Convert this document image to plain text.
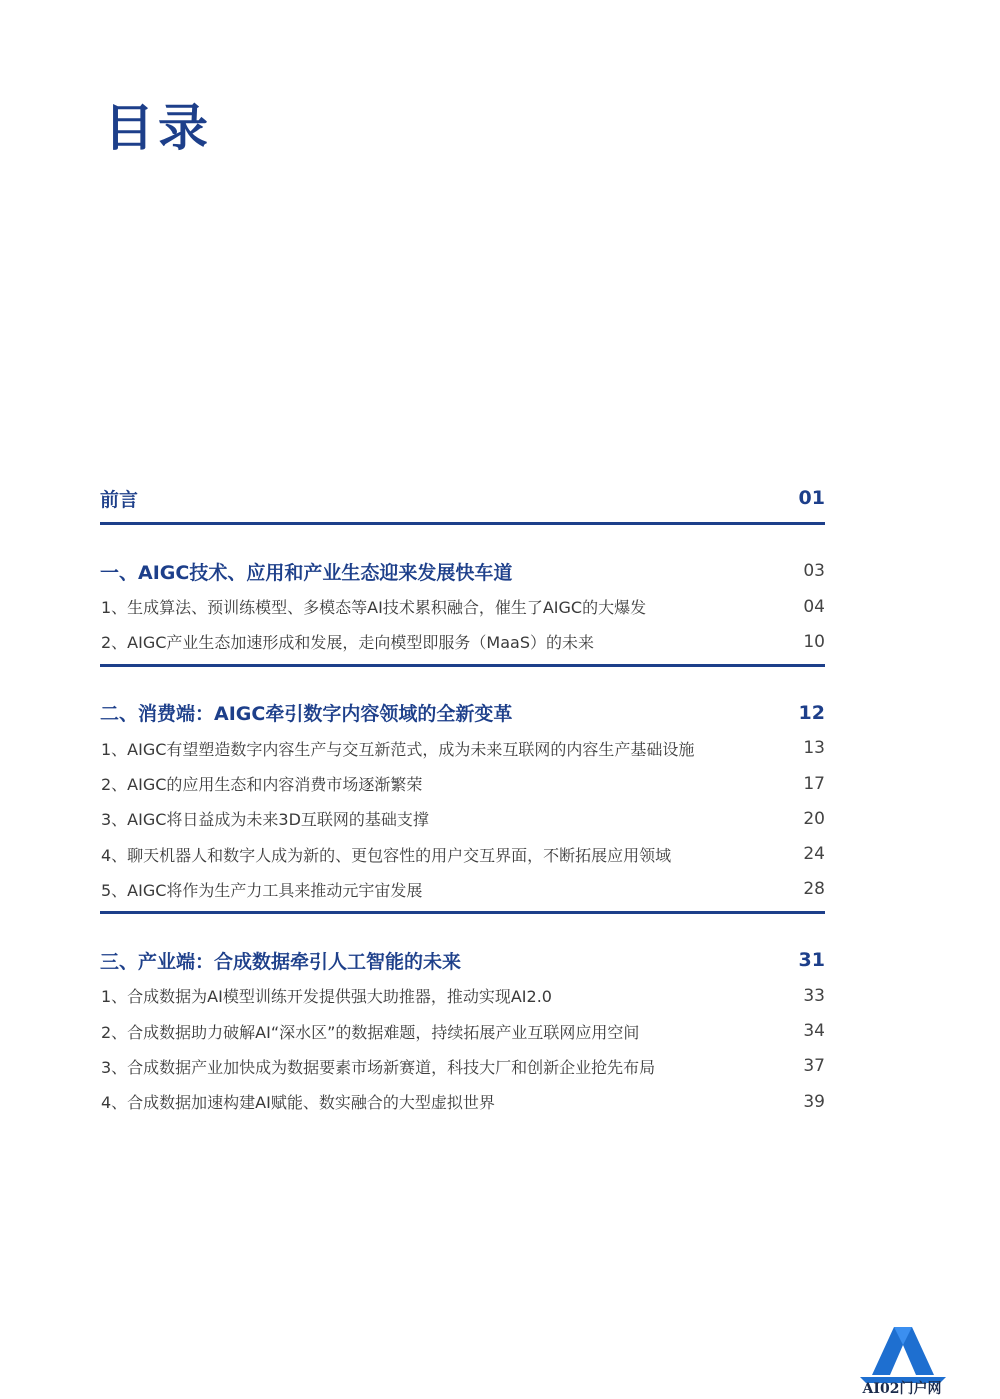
目录
前言	01
一、AIGC技术、应用和产业生态迎来发展快车道	03
1、生成算法、预训练模型、多模态等AI技术累积融合，催生了AIGC的大爆发	04
2、AIGC产业生态加速形成和发展，走向模型即服务（MaaS）的未来	10
二、消费端：AIGC牵引数字内容领域的全新变革	12
1、AIGC有望塑造数字内容生产与交互新范式，成为未来互联网的内容生产基础设施	13
2、AIGC的应用生态和内容消费市场逐渐繁荣	17
3、AIGC将日益成为未来3D互联网的基础支撑	20
4、聊天机器人和数字人成为新的、更包容性的用户交互界面，不断拓展应用领域	24
5、AIGC将作为生产力工具来推动元宇宙发展	28
三、产业端：合成数据牵引人工智能的未来	31
1、合成数据为AI模型训练开发提供强大助推器，推动实现AI2.0	33
2、合成数据助力破解AI“深水区”的数据难题，持续拓展产业互联网应用空间	34
3、合成数据产业加快成为数据要素市场新赛道，科技大厂和创新企业抢先布局	37
4、合成数据加速构建AI赋能、数实融合的大型虚拟世界	39
AI02门户网
